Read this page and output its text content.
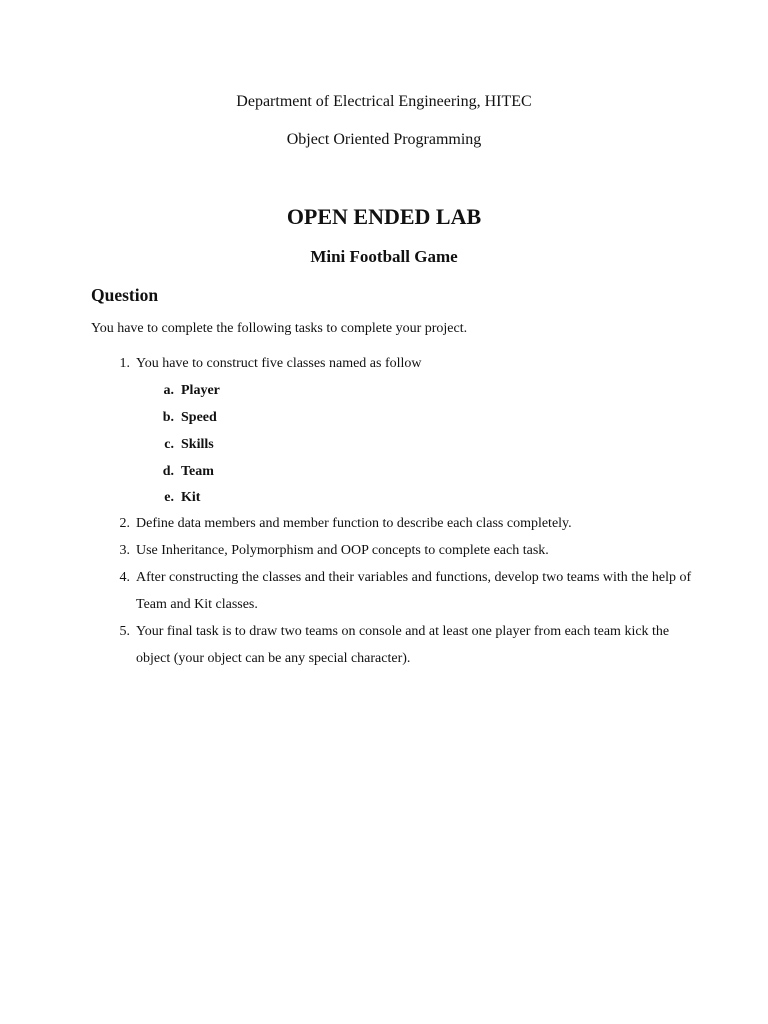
Department of Electrical Engineering, HITEC
Object Oriented Programming
OPEN ENDED LAB
Mini Football Game
Question
You have to complete the following tasks to complete your project.
1. You have to construct five classes named as follow
a. Player
b. Speed
c. Skills
d. Team
e. Kit
2. Define data members and member function to describe each class completely.
3. Use Inheritance, Polymorphism and OOP concepts to complete each task.
4. After constructing the classes and their variables and functions, develop two teams with the help of Team and Kit classes.
5. Your final task is to draw two teams on console and at least one player from each team kick the object (your object can be any special character).
